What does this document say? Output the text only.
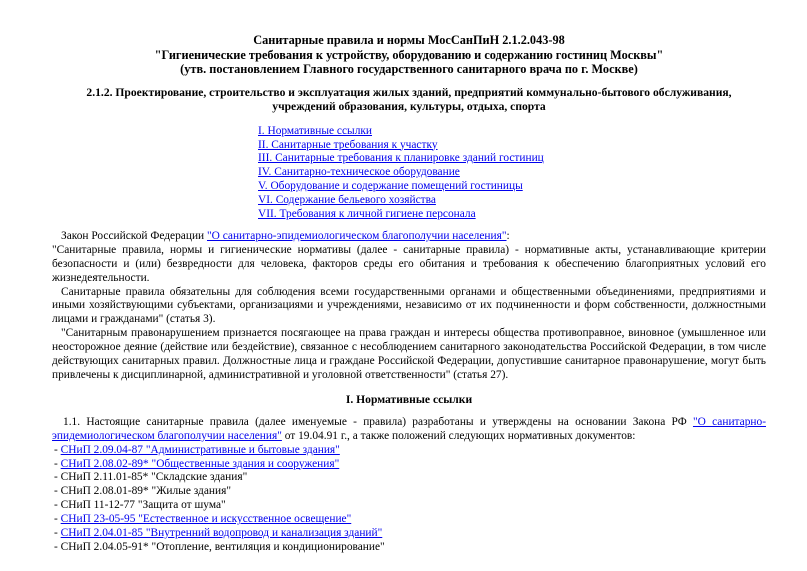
Санитарные правила и нормы МосСанПиН 2.1.2.043-98
"Гигиенические требования к устройству, оборудованию и содержанию гостиниц Москвы"
(утв. постановлением Главного государственного санитарного врача по г. Москве)
2.1.2. Проектирование, строительство и эксплуатация жилых зданий, предприятий коммунально-бытового обслуживания, учреждений образования, культуры, отдыха, спорта
I. Нормативные ссылки
II. Санитарные требования к участку
III. Санитарные требования к планировке зданий гостиниц
IV. Санитарно-техническое оборудование
V. Оборудование и содержание помещений гостиницы
VI. Содержание бельевого хозяйства
VII. Требования к личной гигиене персонала

Закон Российской Федерации "О санитарно-эпидемиологическом благополучии населения":

"Санитарные правила, нормы и гигиенические нормативы (далее - санитарные правила) - нормативные акты, устанавливающие критерии безопасности и (или) безвредности для человека, факторов среды его обитания и требования к обеспечению благоприятных условий его жизнедеятельности.

Санитарные правила обязательны для соблюдения всеми государственными органами и общественными объединениями, предприятиями и иными хозяйствующими субъектами, организациями и учреждениями, независимо от их подчиненности и форм собственности, должностными лицами и гражданами" (статья 3).

"Санитарным правонарушением признается посягающее на права граждан и интересы общества противоправное, виновное (умышленное или неосторожное деяние (действие или бездействие), связанное с несоблюдением санитарного законодательства Российской Федерации, в том числе действующих санитарных правил. Должностные лица и граждане Российской Федерации, допустившие санитарное правонарушение, могут быть привлечены к дисциплинарной, административной и уголовной ответственности" (статья 27).

I. Нормативные ссылки

1.1. Настоящие санитарные правила (далее именуемые - правила) разработаны и утверждены на основании Закона РФ "О санитарно-эпидемиологическом благополучии населения" от 19.04.91 г., а также положений следующих нормативных документов:

- СНиП 2.09.04-87 "Административные и бытовые здания"
- СНиП 2.08.02-89* "Общественные здания и сооружения"
- СНиП 2.11.01-85* "Складские здания"
- СНиП 2.08.01-89* "Жилые здания"
- СНиП 11-12-77 "Защита от шума"
- СНиП 23-05-95 "Естественное и искусственное освещение"
- СНиП 2.04.01-85 "Внутренний водопровод и канализация зданий"
- СНиП 2.04.05-91* "Отопление, вентиляция и кондиционирование"
